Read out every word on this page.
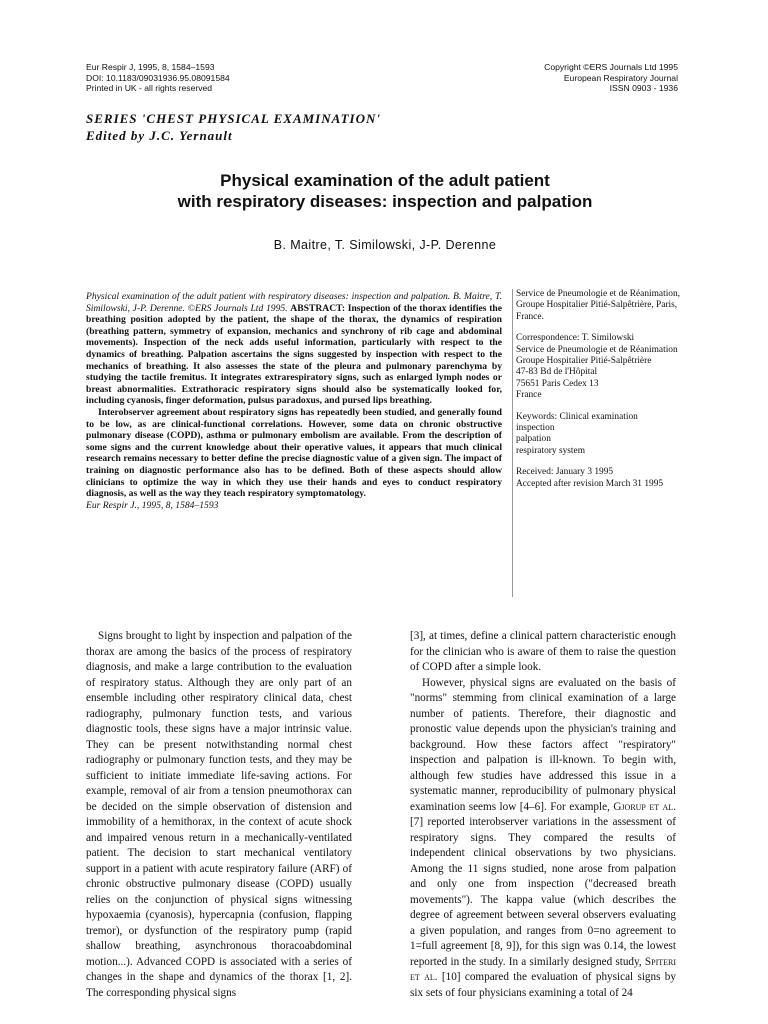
Eur Respir J, 1995, 8, 1584–1593
DOI: 10.1183/09031936.95.08091584
Printed in UK - all rights reserved
Copyright ©ERS Journals Ltd 1995
European Respiratory Journal
ISSN 0903 - 1936
SERIES 'CHEST PHYSICAL EXAMINATION'
Edited by J.C. Yernault
Physical examination of the adult patient
with respiratory diseases: inspection and palpation
B. Maitre, T. Similowski, J-P. Derenne

Physical examination of the adult patient with respiratory diseases: inspection and palpation. B. Maitre, T. Similowski, J-P. Derenne. ©ERS Journals Ltd 1995. ABSTRACT: Inspection of the thorax identifies the breathing position adopted by the patient, the shape of the thorax, the dynamics of respiration (breathing pattern, symmetry of expansion, mechanics and synchrony of rib cage and abdominal movements). Inspection of the neck adds useful information, particularly with respect to the dynamics of breathing. Palpation ascertains the signs suggested by inspection with respect to the mechanics of breathing. It also assesses the state of the pleura and pulmonary parenchyma by studying the tactile fremitus. It integrates extrarespiratory signs, such as enlarged lymph nodes or breast abnormalities. Extrathoracic respiratory signs should also be systematically looked for, including cyanosis, finger deformation, pulsus paradoxus, and pursed lips breathing.

Interobserver agreement about respiratory signs has repeatedly been studied, and generally found to be low, as are clinical-functional correlations. However, some data on chronic obstructive pulmonary disease (COPD), asthma or pulmonary embolism are available. From the description of some signs and the current knowledge about their operative values, it appears that much clinical research remains necessary to better define the precise diagnostic value of a given sign. The impact of training on diagnostic performance also has to be defined. Both of these aspects should allow clinicians to optimize the way in which they use their hands and eyes to conduct respiratory diagnosis, as well as the way they teach respiratory symptomatology.

Eur Respir J., 1995, 8, 1584–1593

Service de Pneumologie et de Réanimation,
Groupe Hospitalier Pitié-Salpêtrière, Paris,
France.
Correspondence: T. Similowski
Service de Pneumologie et de Réanimation
Groupe Hospitalier Pitié-Salpêtrière
47-83 Bd de l'Hôpital
75651 Paris Cedex 13
France
Keywords: Clinical examination
inspection
palpation
respiratory system
Received: January 3 1995
Accepted after revision March 31 1995

Signs brought to light by inspection and palpation of the thorax are among the basics of the process of respiratory diagnosis, and make a large contribution to the evaluation of respiratory status. Although they are only part of an ensemble including other respiratory clinical data, chest radiography, pulmonary function tests, and various diagnostic tools, these signs have a major intrinsic value. They can be present notwithstanding normal chest radiography or pulmonary function tests, and they may be sufficient to initiate immediate life-saving actions. For example, removal of air from a tension pneumothorax can be decided on the simple observation of distension and immobility of a hemithorax, in the context of acute shock and impaired venous return in a mechanically-ventilated patient. The decision to start mechanical ventilatory support in a patient with acute respiratory failure (ARF) of chronic obstructive pulmonary disease (COPD) usually relies on the conjunction of physical signs witnessing hypoxaemia (cyanosis), hypercapnia (confusion, flapping tremor), or dysfunction of the respiratory pump (rapid shallow breathing, asynchronous thoracoabdominal motion...). Advanced COPD is associated with a series of changes in the shape and dynamics of the thorax [1, 2]. The corresponding physical signs

[3], at times, define a clinical pattern characteristic enough for the clinician who is aware of them to raise the question of COPD after a simple look.

However, physical signs are evaluated on the basis of "norms" stemming from clinical examination of a large number of patients. Therefore, their diagnostic and pronostic value depends upon the physician's training and background. How these factors affect "respiratory" inspection and palpation is ill-known. To begin with, although few studies have addressed this issue in a systematic manner, reproducibility of pulmonary physical examination seems low [4–6]. For example, Gjorup et al. [7] reported interobserver variations in the assessment of respiratory signs. They compared the results of independent clinical observations by two physicians. Among the 11 signs studied, none arose from palpation and only one from inspection ("decreased breath movements"). The kappa value (which describes the degree of agreement between several observers evaluating a given population, and ranges from 0=no agreement to 1=full agreement [8, 9]), for this sign was 0.14, the lowest reported in the study. In a similarly designed study, Spiteri et al. [10] compared the evaluation of physical signs by six sets of four physicians examining a total of 24
